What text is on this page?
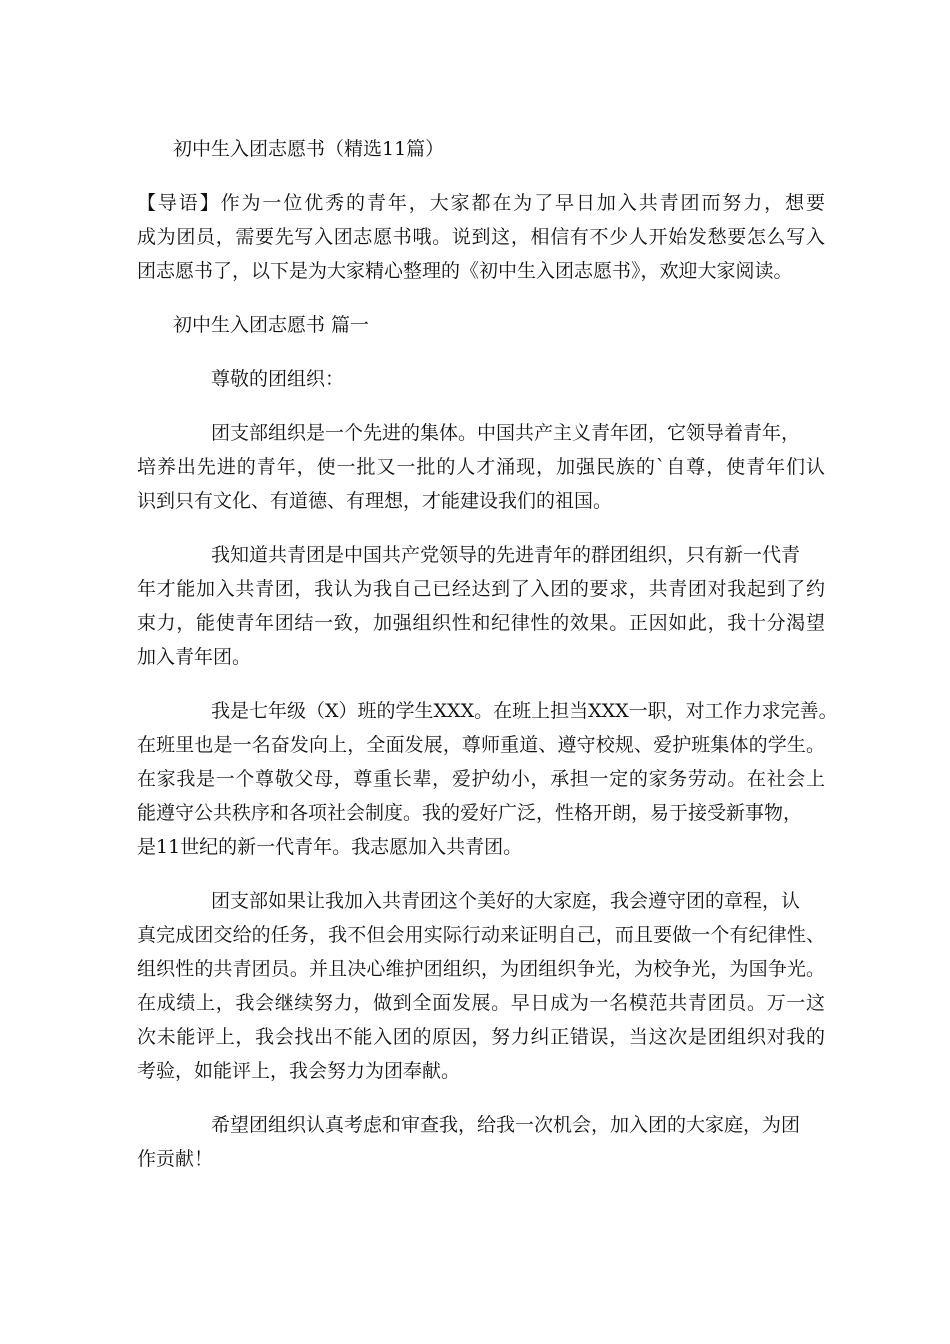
初中生入团志愿书（精选11篇）
【导语】作为一位优秀的青年，大家都在为了早日加入共青团而努力，想要
成为团员，需要先写入团志愿书哦。说到这，相信有不少人开始发愁要怎么写入
团志愿书了，以下是为大家精心整理的《初中生入团志愿书》，欢迎大家阅读。
初中生入团志愿书 篇一
尊敬的团组织：
团支部组织是一个先进的集体。中国共产主义青年团，它领导着青年，
培养出先进的青年，使一批又一批的人才涌现，加强民族的`自尊，使青年们认
识到只有文化、有道德、有理想，才能建设我们的祖国。
我知道共青团是中国共产党领导的先进青年的群团组织，只有新一代青
年才能加入共青团，我认为我自己已经达到了入团的要求，共青团对我起到了约
束力，能使青年团结一致，加强组织性和纪律性的效果。正因如此，我十分渴望
加入青年团。
我是七年级（X）班的学生XXX。在班上担当XXX一职，对工作力求完善。
在班里也是一名奋发向上，全面发展，尊师重道、遵守校规、爱护班集体的学生。
在家我是一个尊敬父母，尊重长辈，爱护幼小，承担一定的家务劳动。在社会上
能遵守公共秩序和各项社会制度。我的爱好广泛，性格开朗，易于接受新事物，
是11世纪的新一代青年。我志愿加入共青团。
团支部如果让我加入共青团这个美好的大家庭，我会遵守团的章程，认
真完成团交给的任务，我不但会用实际行动来证明自己，而且要做一个有纪律性、
组织性的共青团员。并且决心维护团组织，为团组织争光，为校争光，为国争光。
在成绩上，我会继续努力，做到全面发展。早日成为一名模范共青团员。万一这
次未能评上，我会找出不能入团的原因，努力纠正错误，当这次是团组织对我的
考验，如能评上，我会努力为团奉献。
希望团组织认真考虑和审查我，给我一次机会，加入团的大家庭，为团
作贡献！
